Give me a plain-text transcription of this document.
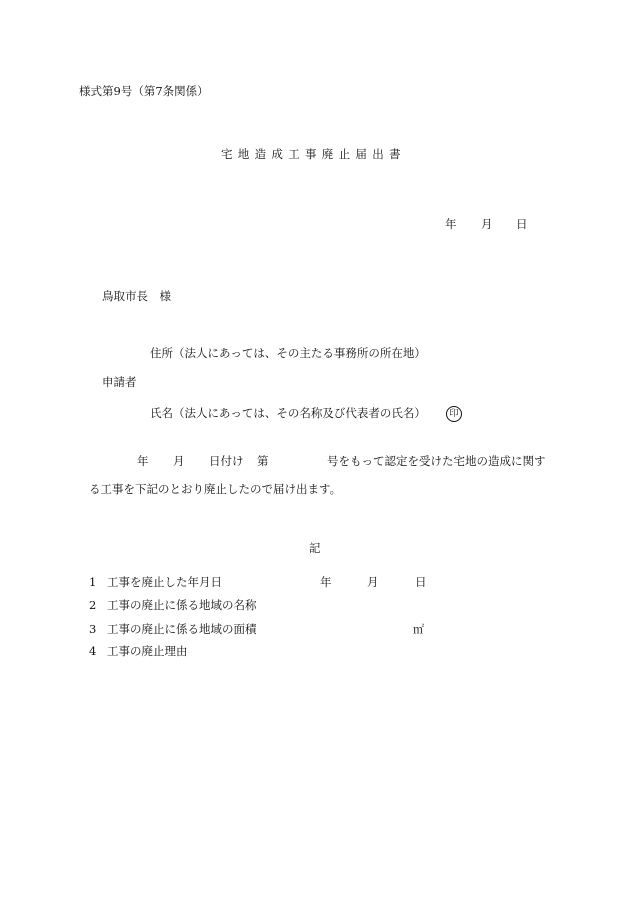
様式第9号（第7条関係）
宅地造成工事廃止届出書
年 月 日
鳥取市長　様
住所（法人にあっては、その主たる事務所の所在地）
申請者
氏名（法人にあっては、その名称及び代表者の氏名）	印
年 月 日付け 第	号をもって認定を受けた宅地の造成に関す
る工事を下記のとおり廃止したので届け出ます。
記
1 工事を廃止した年月日	年	月	日
2 工事の廃止に係る地域の名称
3 工事の廃止に係る地域の面積	㎡
4 工事の廃止理由
